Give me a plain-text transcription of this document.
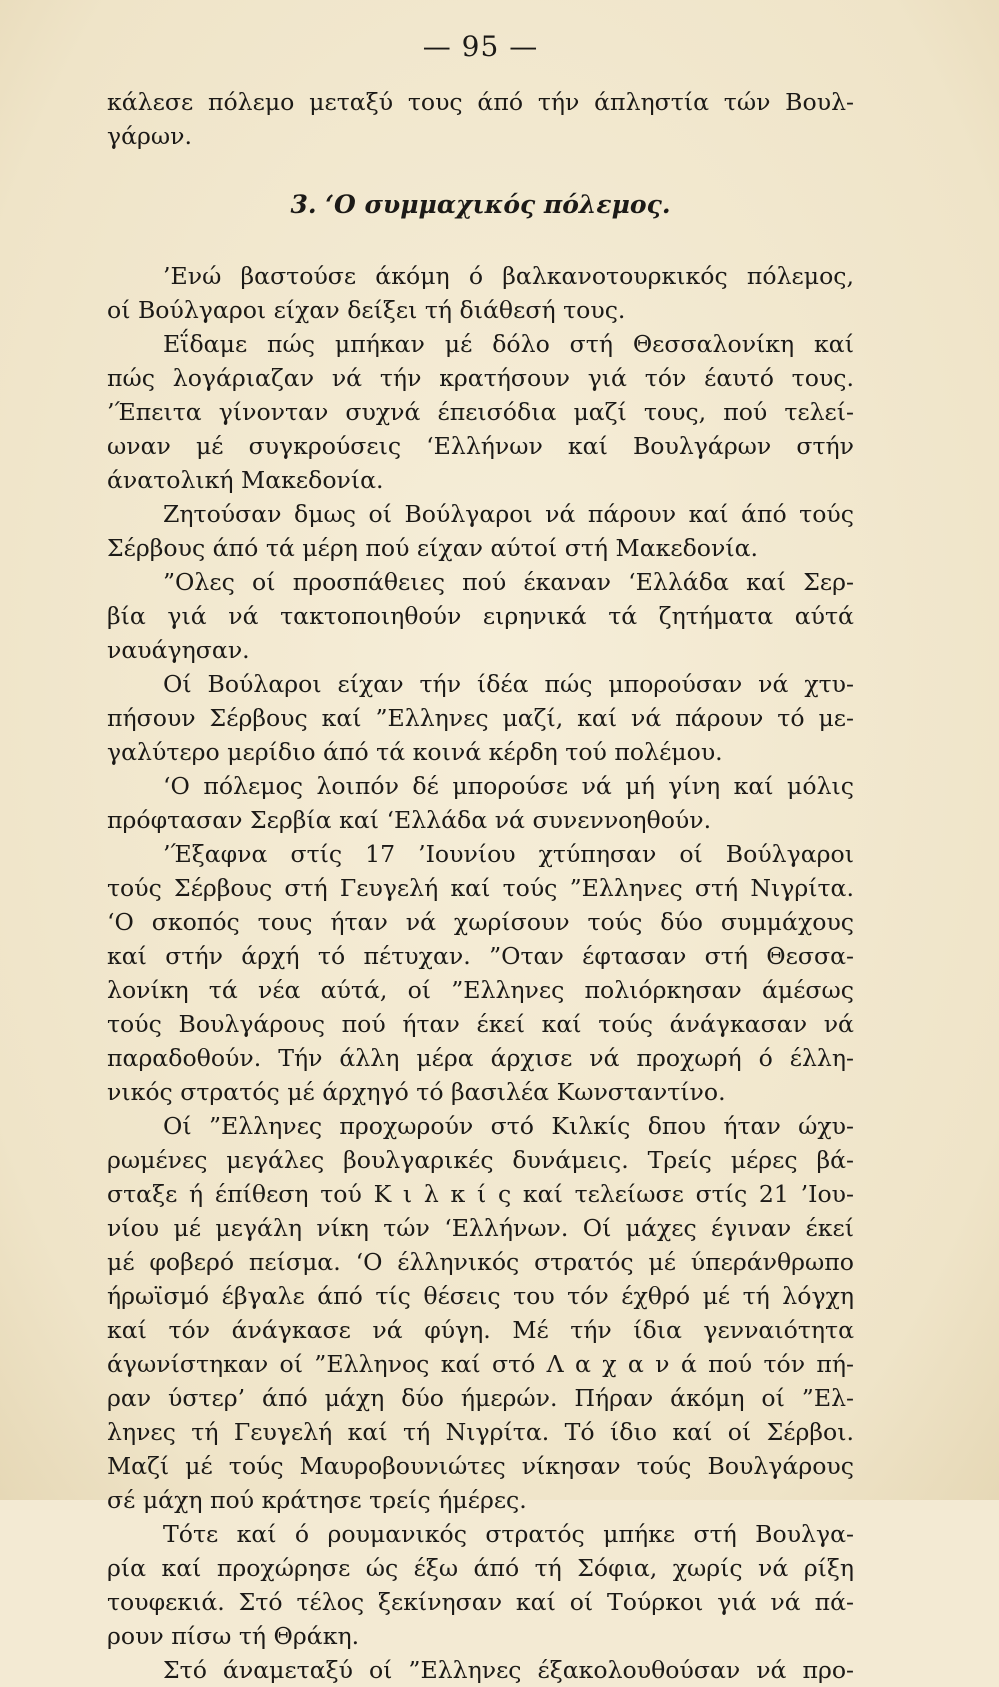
— 95 —
κάλεσε πόλεμο μεταξύ τους άπό τήν άπληστία τών Βουλ-
γάρων.
3. ‘Ο συμμαχικός πόλεμος.
’Ενώ βαστούσε άκόμη ό βαλκανοτουρκικός πόλεμος,
οί Βούλγαροι είχαν δείξει τή διάθεσή τους.
Εΐδαμε πώς μπήκαν μέ δόλο στή Θεσσαλονίκη καί
πώς λογάριαζαν νά τήν κρατήσουν γιά τόν έαυτό τους.
’Έπειτα γίνονταν συχνά έπεισόδια μαζί τους, πού τελεί-
ωναν μέ συγκρούσεις ‘Ελλήνων καί Βουλγάρων στήν
άνατολική Μακεδονία.
Ζητούσαν δμως οί Βούλγαροι νά πάρουν καί άπό τούς
Σέρβους άπό τά μέρη πού είχαν αύτοί στή Μακεδονία.
”Ολες οί προσπάθειες πού έκαναν ‘Ελλάδα καί Σερ-
βία γιά νά τακτοποιηθούν ειρηνικά τά ζητήματα αύτά
ναυάγησαν.
Οί Βούλαροι είχαν τήν ίδέα πώς μπορούσαν νά χτυ-
πήσουν Σέρβους καί ”Ελληνες μαζί, καί νά πάρουν τό με-
γαλύτερο μερίδιο άπό τά κοινά κέρδη τού πολέμου.
‘Ο πόλεμος λοιπόν δέ μπορούσε νά μή γίνη καί μόλις
πρόφτασαν Σερβία καί ‘Ελλάδα νά συνεννοηθούν.
’Έξαφνα στίς 17 ’Ιουνίου χτύπησαν οί Βούλγαροι
τούς Σέρβους στή Γευγελή καί τούς ”Ελληνες στή Νιγρίτα.
‘Ο σκοπός τους ήταν νά χωρίσουν τούς δύο συμμάχους
καί στήν άρχή τό πέτυχαν. ”Οταν έφτασαν στή Θεσσα-
λονίκη τά νέα αύτά, οί ”Ελληνες πολιόρκησαν άμέσως
τούς Βουλγάρους πού ήταν έκεί καί τούς άνάγκασαν νά
παραδοθούν. Τήν άλλη μέρα άρχισε νά προχωρή ό έλλη-
νικός στρατός μέ άρχηγό τό βασιλέα Κωνσταντίνο.
Οί ”Ελληνες προχωρούν στό Κιλκίς δπου ήταν ώχυ-
ρωμένες μεγάλες βουλγαρικές δυνάμεις. Τρείς μέρες βά-
σταξε ή έπίθεση τού Κ ι λ κ ί ς καί τελείωσε στίς 21 ’Ιου-
νίου μέ μεγάλη νίκη τών ‘Ελλήνων. Οί μάχες έγιναν έκεί
μέ φοβερό πείσμα. ‘Ο έλληνικός στρατός μέ ύπεράνθρωπο
ήρωϊσμό έβγαλε άπό τίς θέσεις του τόν έχθρό μέ τή λόγχη
καί τόν άνάγκασε νά φύγη. Μέ τήν ίδια γενναιότητα
άγωνίστηκαν οί ”Ελληνος καί στό Λ α χ α ν ά πού τόν πή-
ραν ύστερ’ άπό μάχη δύο ήμερών. Πήραν άκόμη οί ”Ελ-
ληνες τή Γευγελή καί τή Νιγρίτα. Τό ίδιο καί οί Σέρβοι.
Μαζί μέ τούς Μαυροβουνιώτες νίκησαν τούς Βουλγάρους
σέ μάχη πού κράτησε τρείς ήμέρες.
Τότε καί ό ρουμανικός στρατός μπήκε στή Βουλγα-
ρία καί προχώρησε ώς έξω άπό τή Σόφια, χωρίς νά ρίξη
τουφεκιά. Στό τέλος ξεκίνησαν καί οί Τούρκοι γιά νά πά-
ρουν πίσω τή Θράκη.
Στό άναμεταξύ οί ”Ελληνες έξακολουθούσαν νά προ-
